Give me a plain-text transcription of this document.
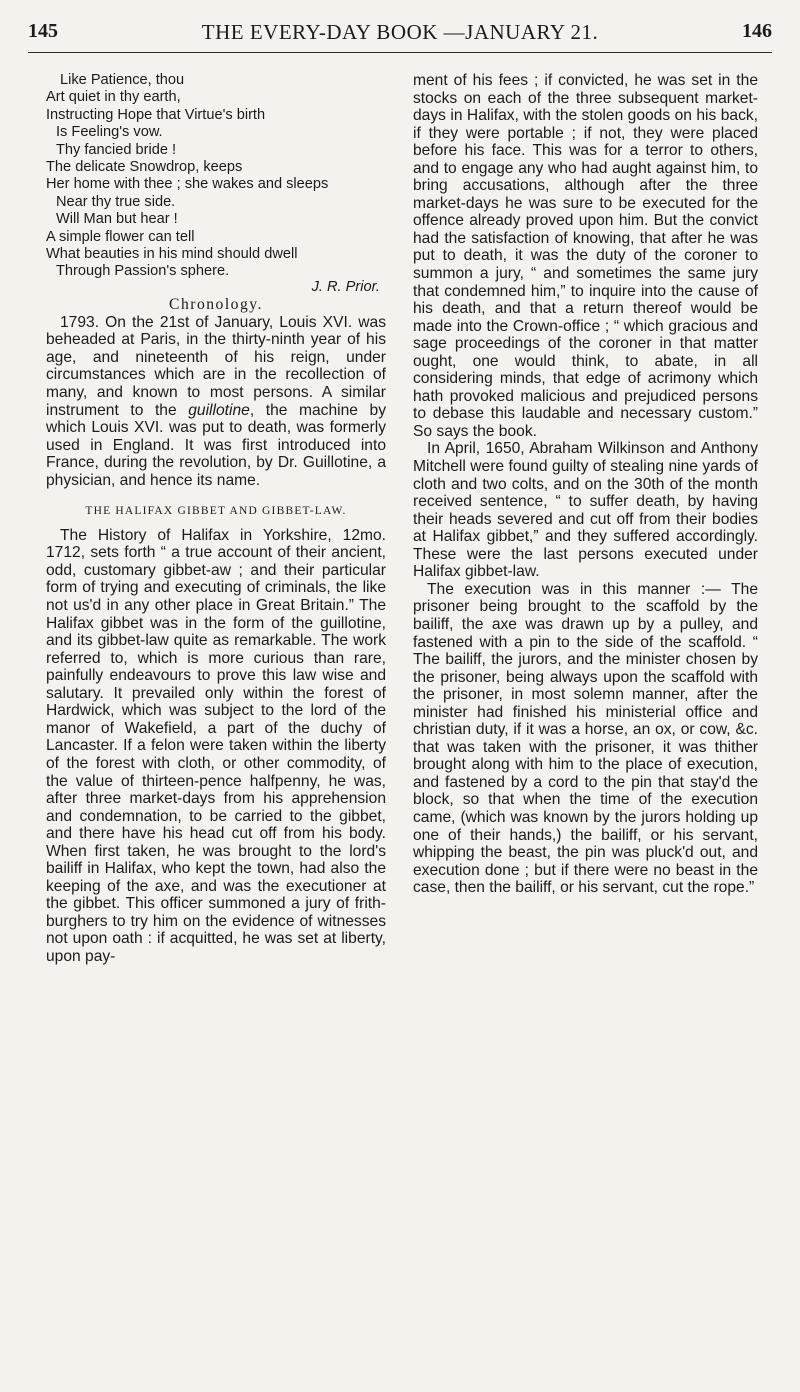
145	THE EVERY-DAY BOOK —JANUARY 21.	146
Like Patience, thou
Art quiet in thy earth,
Instructing Hope that Virtue's birth
Is Feeling's vow.
Thy fancied bride !
The delicate Snowdrop, keeps
Her home with thee ; she wakes and sleeps
Near thy true side.
Will Man but hear !
A simple flower can tell
What beauties in his mind should dwell
Through Passion's sphere.
J. R. Prior.
Chronology.

1793. On the 21st of January, Louis XVI. was beheaded at Paris, in the thirty-ninth year of his age, and nineteenth of his reign, under circumstances which are in the recollection of many, and known to most persons. A similar instrument to the guillotine, the machine by which Louis XVI. was put to death, was formerly used in England. It was first introduced into France, during the revolution, by Dr. Guillotine, a physician, and hence its name.

THE HALIFAX GIBBET AND GIBBET-LAW.

The History of Halifax in Yorkshire, 12mo. 1712, sets forth “ a true account of their ancient, odd, customary gibbet-aw ; and their particular form of trying and executing of criminals, the like not us'd in any other place in Great Britain.” The Halifax gibbet was in the form of the guillotine, and its gibbet-law quite as remarkable. The work referred to, which is more curious than rare, painfully endeavours to prove this law wise and salutary. It prevailed only within the forest of Hardwick, which was subject to the lord of the manor of Wakefield, a part of the duchy of Lancaster. If a felon were taken within the liberty of the forest with cloth, or other commodity, of the value of thirteen-pence halfpenny, he was, after three market-days from his apprehension and condemnation, to be carried to the gibbet, and there have his head cut off from his body. When first taken, he was brought to the lord's bailiff in Halifax, who kept the town, had also the keeping of the axe, and was the executioner at the gibbet. This officer summoned a jury of frith-burghers to try him on the evidence of witnesses not upon oath : if acquitted, he was set at liberty, upon pay-

ment of his fees ; if convicted, he was set in the stocks on each of the three subsequent market-days in Halifax, with the stolen goods on his back, if they were portable ; if not, they were placed before his face. This was for a terror to others, and to engage any who had aught against him, to bring accusations, although after the three market-days he was sure to be executed for the offence already proved upon him. But the convict had the satisfaction of knowing, that after he was put to death, it was the duty of the coroner to summon a jury, “ and sometimes the same jury that condemned him,” to inquire into the cause of his death, and that a return thereof would be made into the Crown-office ; “ which gracious and sage proceedings of the coroner in that matter ought, one would think, to abate, in all considering minds, that edge of acrimony which hath provoked malicious and prejudiced persons to debase this laudable and necessary custom.” So says the book.

In April, 1650, Abraham Wilkinson and Anthony Mitchell were found guilty of stealing nine yards of cloth and two colts, and on the 30th of the month received sentence, “ to suffer death, by having their heads severed and cut off from their bodies at Halifax gibbet,” and they suffered accordingly. These were the last persons executed under Halifax gibbet-law.

The execution was in this manner :— The prisoner being brought to the scaffold by the bailiff, the axe was drawn up by a pulley, and fastened with a pin to the side of the scaffold. “ The bailiff, the jurors, and the minister chosen by the prisoner, being always upon the scaffold with the prisoner, in most solemn manner, after the minister had finished his ministerial office and christian duty, if it was a horse, an ox, or cow, &c. that was taken with the prisoner, it was thither brought along with him to the place of execution, and fastened by a cord to the pin that stay'd the block, so that when the time of the execution came, (which was known by the jurors holding up one of their hands,) the bailiff, or his servant, whipping the beast, the pin was pluck'd out, and execution done ; but if there were no beast in the case, then the bailiff, or his servant, cut the rope.”
